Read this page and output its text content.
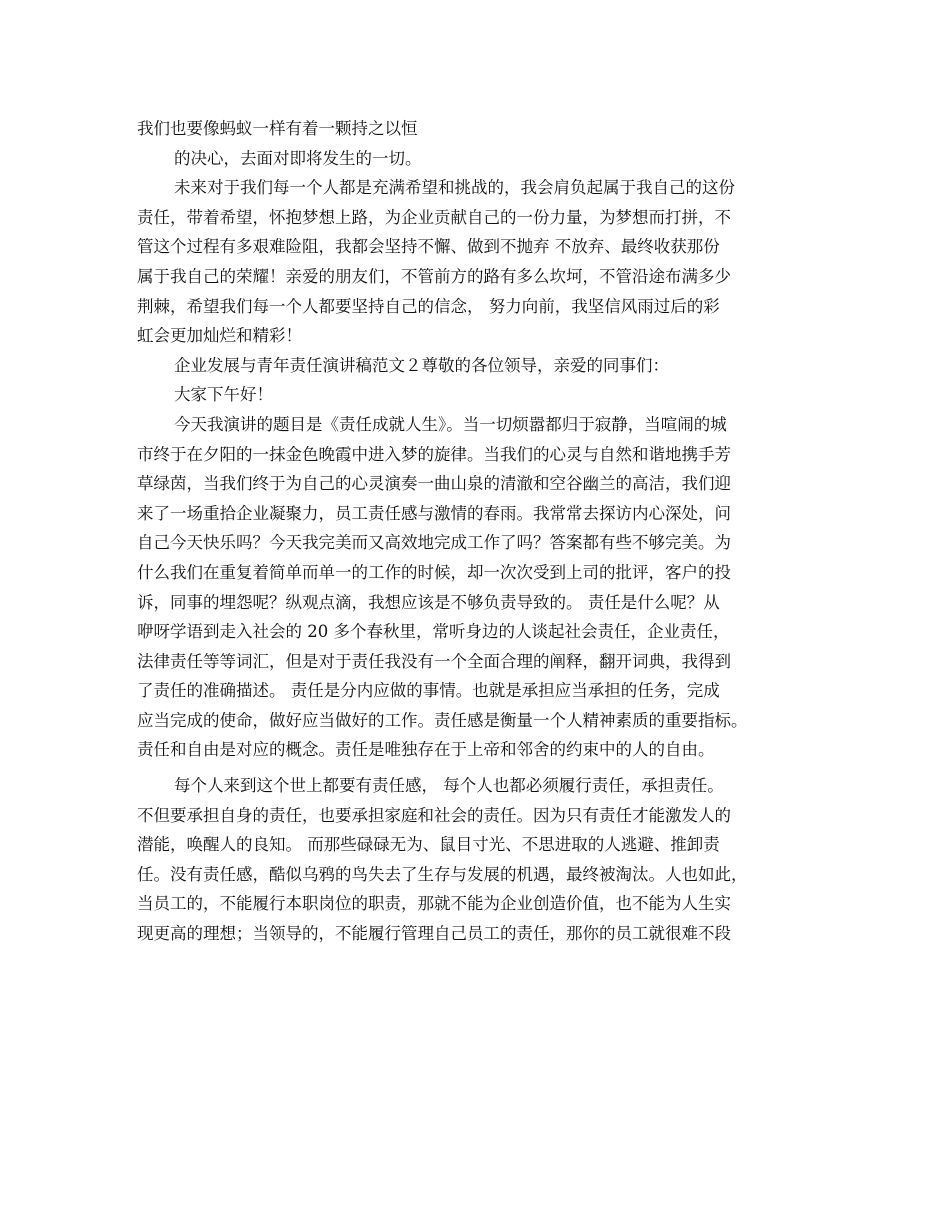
我们也要像蚂蚁一样有着一颗持之以恒
的决心，去面对即将发生的一切。
未来对于我们每一个人都是充满希望和挑战的，我会肩负起属于我自己的这份
责任，带着希望，怀抱梦想上路，为企业贡献自己的一份力量，为梦想而打拼，不
管这个过程有多艰难险阻，我都会坚持不懈、做到不抛弃 不放弃、最终收获那份
属于我自己的荣耀！亲爱的朋友们，不管前方的路有多么坎坷，不管沿途布满多少
荆棘，希望我们每一个人都要坚持自己的信念， 努力向前，我坚信风雨过后的彩
虹会更加灿烂和精彩！
企业发展与青年责任演讲稿范文２尊敬的各位领导，亲爱的同事们：
大家下午好！
今天我演讲的题目是《责任成就人生》。当一切烦嚣都归于寂静，当喧闹的城
市终于在夕阳的一抹金色晚霞中进入梦的旋律。当我们的心灵与自然和谐地携手芳
草绿茵，当我们终于为自己的心灵演奏一曲山泉的清澈和空谷幽兰的高洁，我们迎
来了一场重拾企业凝聚力，员工责任感与激情的春雨。我常常去探访内心深处，问
自己今天快乐吗？今天我完美而又高效地完成工作了吗？答案都有些不够完美。为
什么我们在重复着简单而单一的工作的时候，却一次次受到上司的批评，客户的投
诉，同事的埋怨呢？纵观点滴，我想应该是不够负责导致的。 责任是什么呢？从
咿呀学语到走入社会的 20 多个春秋里，常听身边的人谈起社会责任，企业责任，
法律责任等等词汇，但是对于责任我没有一个全面合理的阐释，翻开词典，我得到
了责任的准确描述。 责任是分内应做的事情。也就是承担应当承担的任务，完成
应当完成的使命，做好应当做好的工作。责任感是衡量一个人精神素质的重要指标。
责任和自由是对应的概念。责任是唯独存在于上帝和邻舍的约束中的人的自由。
每个人来到这个世上都要有责任感， 每个人也都必须履行责任，承担责任。
不但要承担自身的责任，也要承担家庭和社会的责任。因为只有责任才能激发人的
潜能，唤醒人的良知。 而那些碌碌无为、鼠目寸光、不思进取的人逃避、推卸责
任。没有责任感，酷似乌鸦的鸟失去了生存与发展的机遇，最终被淘汰。人也如此，
当员工的，不能履行本职岗位的职责，那就不能为企业创造价值，也不能为人生实
现更高的理想；当领导的，不能履行管理自己员工的责任，那你的员工就很难不段
